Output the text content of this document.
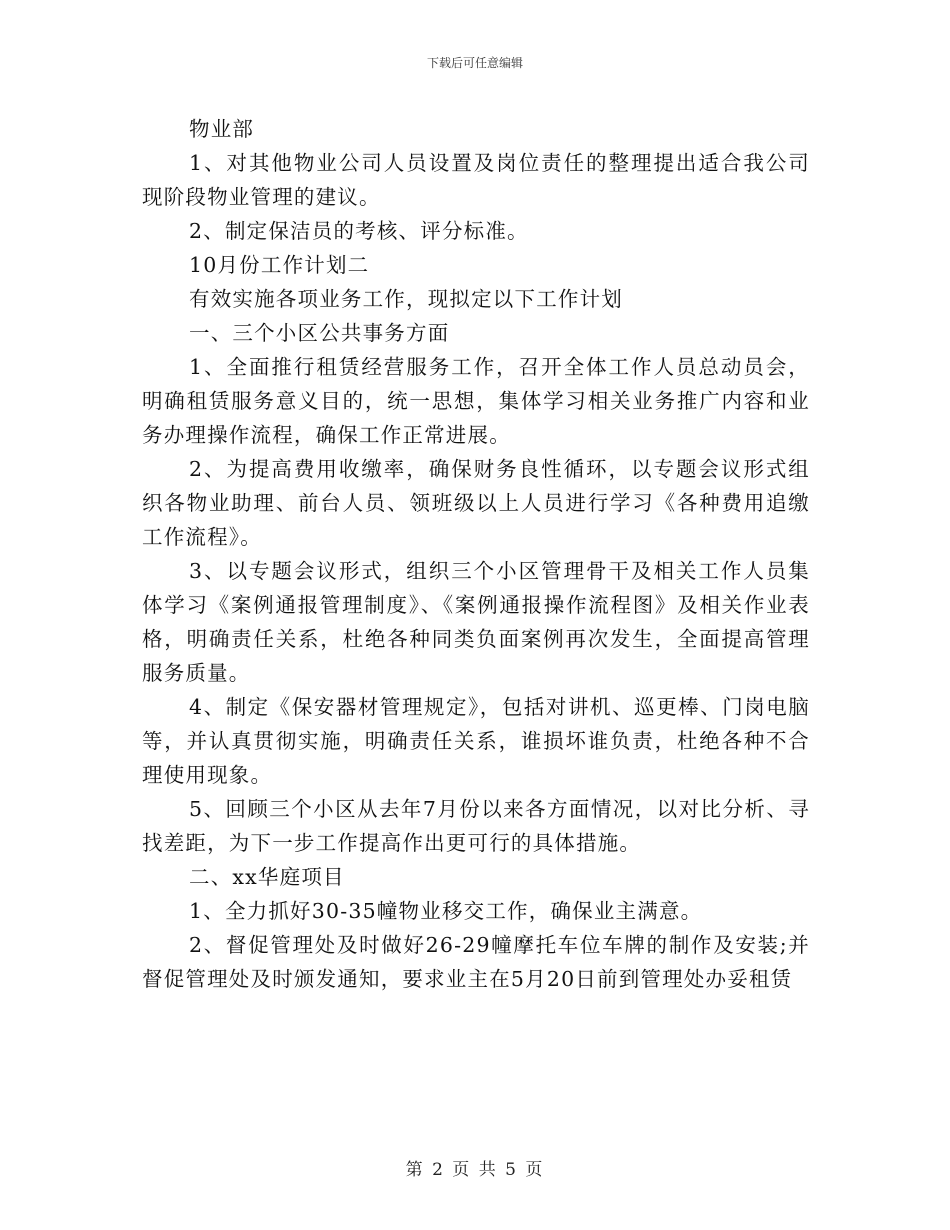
下载后可任意编辑

物业部

1、对其他物业公司人员设置及岗位责任的整理提出适合我公司现阶段物业管理的建议。

2、制定保洁员的考核、评分标准。

10月份工作计划二

有效实施各项业务工作，现拟定以下工作计划

一、三个小区公共事务方面

1、全面推行租赁经营服务工作，召开全体工作人员总动员会，明确租赁服务意义目的，统一思想，集体学习相关业务推广内容和业务办理操作流程，确保工作正常进展。

2、为提高费用收缴率，确保财务良性循环，以专题会议形式组织各物业助理、前台人员、领班级以上人员进行学习《各种费用追缴工作流程》。

3、以专题会议形式，组织三个小区管理骨干及相关工作人员集体学习《案例通报管理制度》、《案例通报操作流程图》及相关作业表格，明确责任关系，杜绝各种同类负面案例再次发生，全面提高管理服务质量。

4、制定《保安器材管理规定》，包括对讲机、巡更棒、门岗电脑等，并认真贯彻实施，明确责任关系，谁损坏谁负责，杜绝各种不合理使用现象。

5、回顾三个小区从去年7月份以来各方面情况，以对比分析、寻找差距，为下一步工作提高作出更可行的具体措施。

二、xx华庭项目

1、全力抓好30-35幢物业移交工作，确保业主满意。

2、督促管理处及时做好26-29幢摩托车位车牌的制作及安装;并督促管理处及时颁发通知，要求业主在5月20日前到管理处办妥租赁

第 2 页 共 5 页
